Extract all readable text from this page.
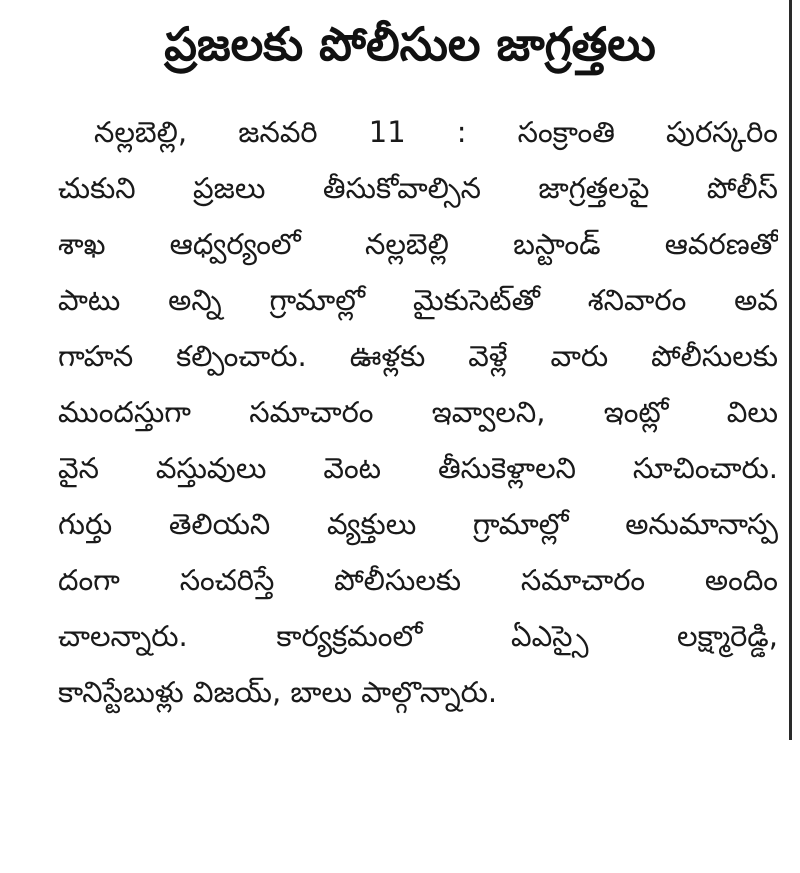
ప్రజలకు పోలీసుల జాగ్రత్తలు
నల్లబెల్లి, జనవరి 11 : సంక్రాంతి పురస్కరిం
చుకుని ప్రజలు తీసుకోవాల్సిన జాగ్రత్తలపై పోలీస్
శాఖ ఆధ్వర్యంలో నల్లబెల్లి బస్టాండ్ ఆవరణతో
పాటు అన్ని గ్రామాల్లో మైకుసెట్‌తో శనివారం అవ
గాహన కల్పించారు. ఊళ్లకు వెళ్లే వారు పోలీసులకు
ముందస్తుగా సమాచారం ఇవ్వాలని, ఇంట్లో విలు
వైన వస్తువులు వెంట తీసుకెళ్లాలని సూచించారు.
గుర్తు తెలియని వ్యక్తులు గ్రామాల్లో అనుమానాస్ప
దంగా సంచరిస్తే పోలీసులకు సమాచారం అందిం
చాలన్నారు. కార్యక్రమంలో ఏఎస్సై లక్ష్మారెడ్డి,
కానిస్టేబుళ్లు విజయ్, బాలు పాల్గొన్నారు.
